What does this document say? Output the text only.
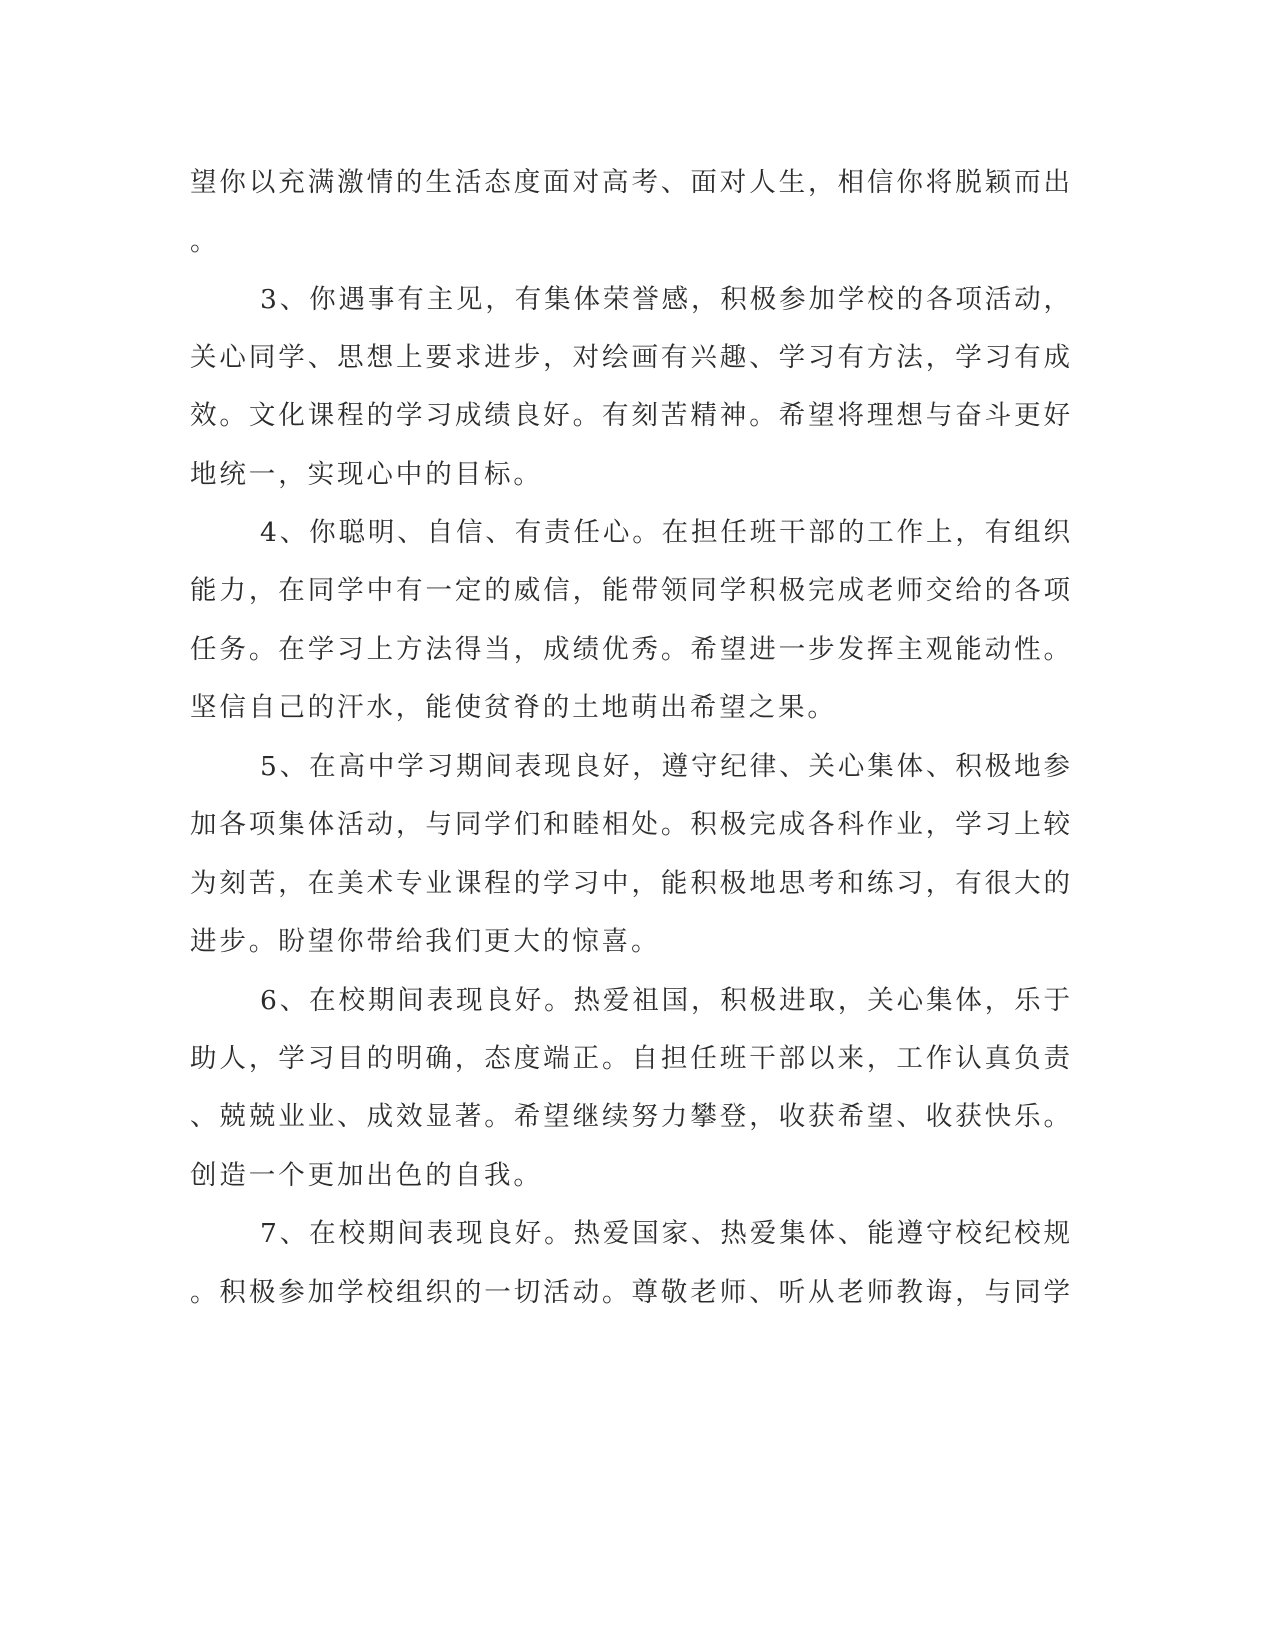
望你以充满激情的生活态度面对高考、面对人生，相信你将脱颖而出
。
3、你遇事有主见，有集体荣誉感，积极参加学校的各项活动，
关心同学、思想上要求进步，对绘画有兴趣、学习有方法，学习有成
效。文化课程的学习成绩良好。有刻苦精神。希望将理想与奋斗更好
地统一，实现心中的目标。
4、你聪明、自信、有责任心。在担任班干部的工作上，有组织
能力，在同学中有一定的威信，能带领同学积极完成老师交给的各项
任务。在学习上方法得当，成绩优秀。希望进一步发挥主观能动性。
坚信自己的汗水，能使贫脊的土地萌出希望之果。
5、在高中学习期间表现良好，遵守纪律、关心集体、积极地参
加各项集体活动，与同学们和睦相处。积极完成各科作业，学习上较
为刻苦，在美术专业课程的学习中，能积极地思考和练习，有很大的
进步。盼望你带给我们更大的惊喜。
6、在校期间表现良好。热爱祖国，积极进取，关心集体，乐于
助人，学习目的明确，态度端正。自担任班干部以来，工作认真负责
、兢兢业业、成效显著。希望继续努力攀登，收获希望、收获快乐。
创造一个更加出色的自我。
7、在校期间表现良好。热爱国家、热爱集体、能遵守校纪校规
。积极参加学校组织的一切活动。尊敬老师、听从老师教诲，与同学
